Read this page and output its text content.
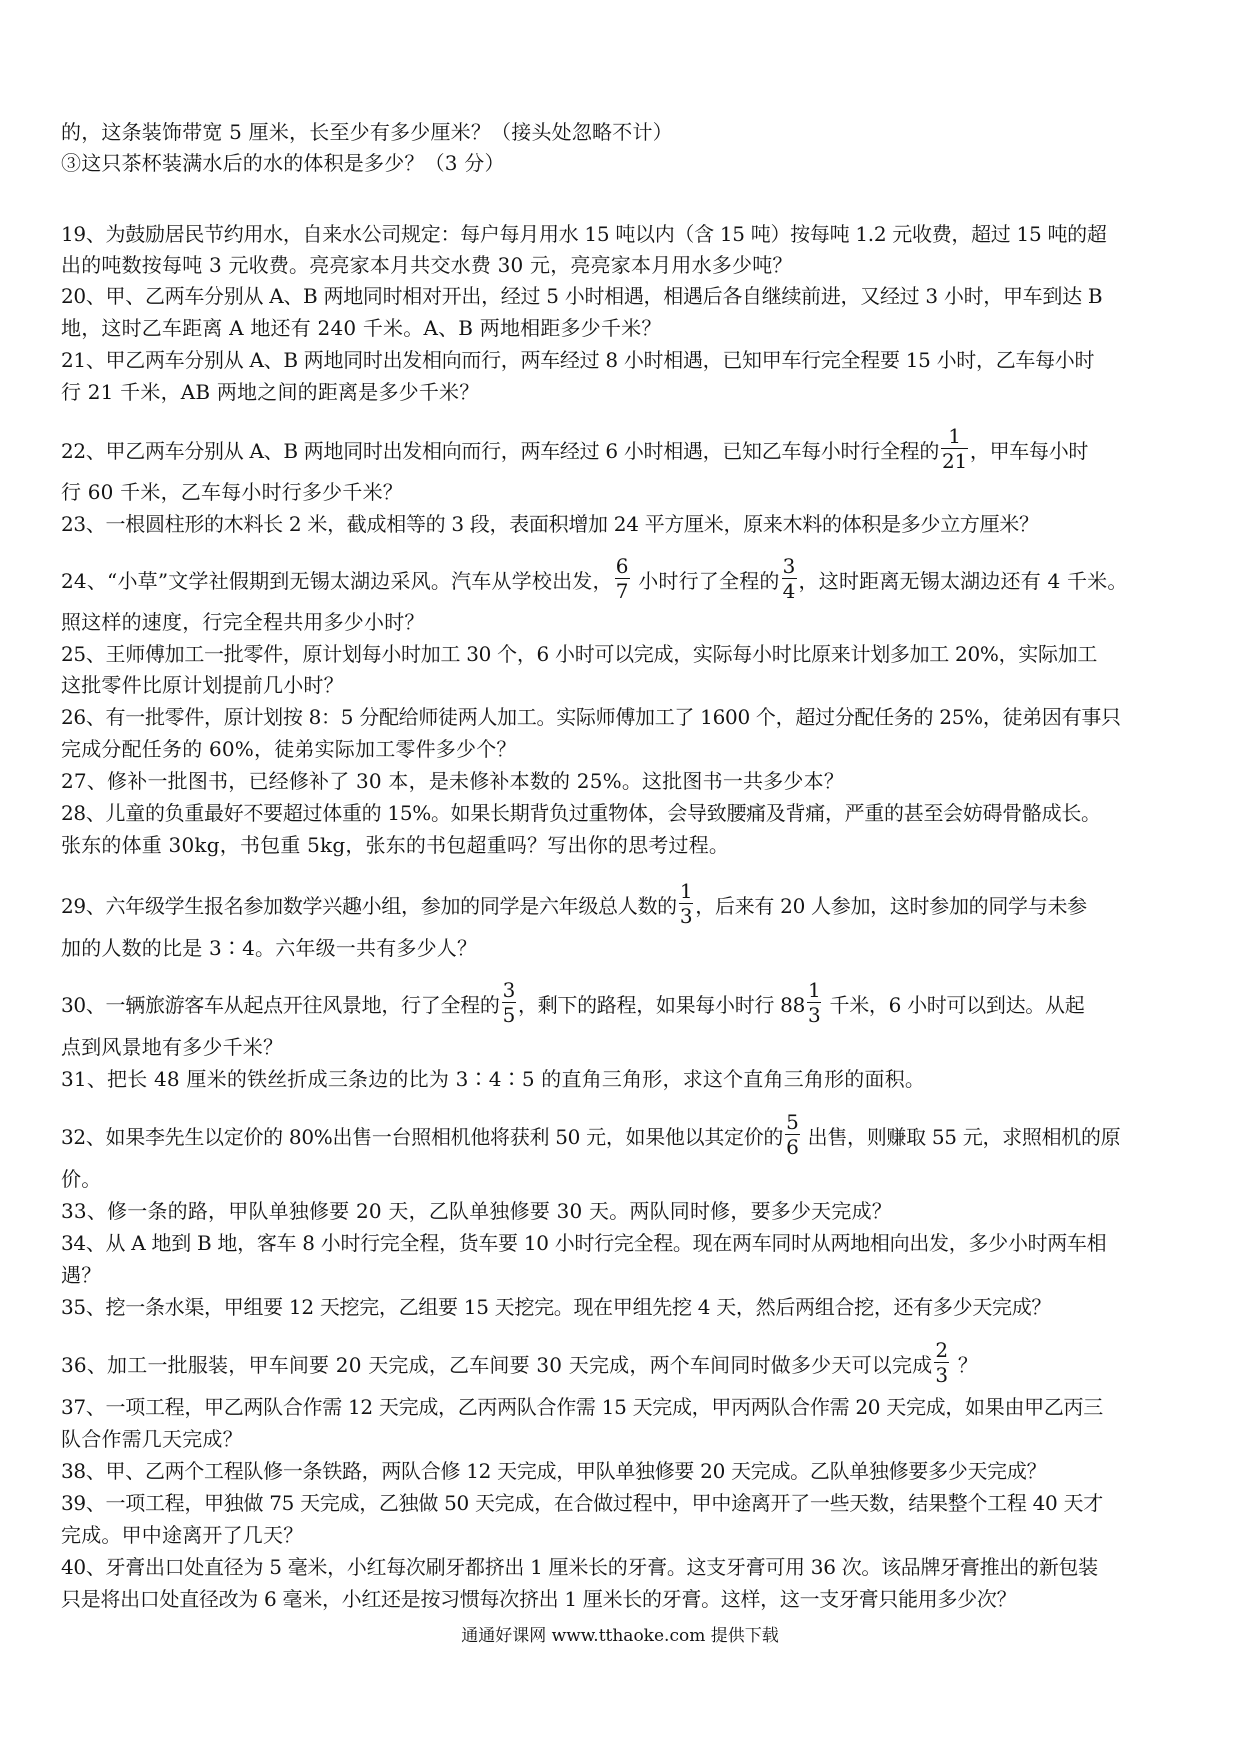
的，这条装饰带宽 5 厘米，长至少有多少厘米？（接头处忽略不计）
③这只茶杯装满水后的水的体积是多少？（3 分）
19、为鼓励居民节约用水，自来水公司规定：每户每月用水 15 吨以内（含 15 吨）按每吨 1.2 元收费，超过 15 吨的超
出的吨数按每吨 3 元收费。亮亮家本月共交水费 30 元，亮亮家本月用水多少吨？
20、甲、乙两车分别从 A、B 两地同时相对开出，经过 5 小时相遇，相遇后各自继续前进，又经过 3 小时，甲车到达 B
地，这时乙车距离 A 地还有 240 千米。A、B 两地相距多少千米？
21、甲乙两车分别从 A、B 两地同时出发相向而行，两车经过 8 小时相遇，已知甲车行完全程要 15 小时，乙车每小时
行 21 千米，AB 两地之间的距离是多少千米？
22、甲乙两车分别从 A、B 两地同时出发相向而行，两车经过 6 小时相遇，已知乙车每小时行全程的 $\frac{1}{21}$ ，甲车每小时
行 60 千米，乙车每小时行多少千米？
23、一根圆柱形的木料长 2 米，截成相等的 3 段，表面积增加 24 平方厘米，原来木料的体积是多少立方厘米？
24、“小草”文学社假期到无锡太湖边采风。汽车从学校出发， $\frac{6}{7}$ 小时行了全程的 $\frac{3}{4}$ ，这时距离无锡太湖边还有 4 千米。
照这样的速度，行完全程共用多少小时？
25、王师傅加工一批零件，原计划每小时加工 30 个，6 小时可以完成，实际每小时比原来计划多加工 20%，实际加工
这批零件比原计划提前几小时？
26、有一批零件，原计划按 8：5 分配给师徒两人加工。实际师傅加工了 1600 个，超过分配任务的 25%，徒弟因有事只
完成分配任务的 60%，徒弟实际加工零件多少个？
27、修补一批图书，已经修补了 30 本，是未修补本数的 25%。这批图书一共多少本？
28、儿童的负重最好不要超过体重的 15%。如果长期背负过重物体，会导致腰痛及背痛，严重的甚至会妨碍骨骼成长。
张东的体重 30kg，书包重 5kg，张东的书包超重吗？写出你的思考过程。
29、六年级学生报名参加数学兴趣小组，参加的同学是六年级总人数的 $\frac{1}{3}$ ，后来有 20 人参加，这时参加的同学与未参
加的人数的比是 3∶4。六年级一共有多少人？
30、一辆旅游客车从起点开往风景地，行了全程的 $\frac{3}{5}$ ，剩下的路程，如果每小时行 $88 \frac{1}{3}$ 千米，6 小时可以到达。从起
点到风景地有多少千米？
31、把长 48 厘米的铁丝折成三条边的比为 3∶4∶5 的直角三角形，求这个直角三角形的面积。
32、如果李先生以定价的 80%出售一台照相机他将获利 50 元，如果他以其定价的 $\frac{5}{6}$ 出售，则赚取 55 元，求照相机的原
价。
33、修一条的路，甲队单独修要 20 天，乙队单独修要 30 天。两队同时修，要多少天完成？
34、从 A 地到 B 地，客车 8 小时行完全程，货车要 10 小时行完全程。现在两车同时从两地相向出发，多少小时两车相
遇？
35、挖一条水渠，甲组要 12 天挖完，乙组要 15 天挖完。现在甲组先挖 4 天，然后两组合挖，还有多少天完成？
36、加工一批服装，甲车间要 20 天完成，乙车间要 30 天完成，两个车间同时做多少天可以完成 $\frac{2}{3}$ ？
37、一项工程，甲乙两队合作需 12 天完成，乙丙两队合作需 15 天完成，甲丙两队合作需 20 天完成，如果由甲乙丙三
队合作需几天完成？
38、甲、乙两个工程队修一条铁路，两队合修 12 天完成，甲队单独修要 20 天完成。乙队单独修要多少天完成？
39、一项工程，甲独做 75 天完成，乙独做 50 天完成，在合做过程中，甲中途离开了一些天数，结果整个工程 40 天才
完成。甲中途离开了几天？
40、牙膏出口处直径为 5 毫米，小红每次刷牙都挤出 1 厘米长的牙膏。这支牙膏可用 36 次。该品牌牙膏推出的新包装
只是将出口处直径改为 6 毫米，小红还是按习惯每次挤出 1 厘米长的牙膏。这样，这一支牙膏只能用多少次？
通通好课网 www.tthaoke.com 提供下载
